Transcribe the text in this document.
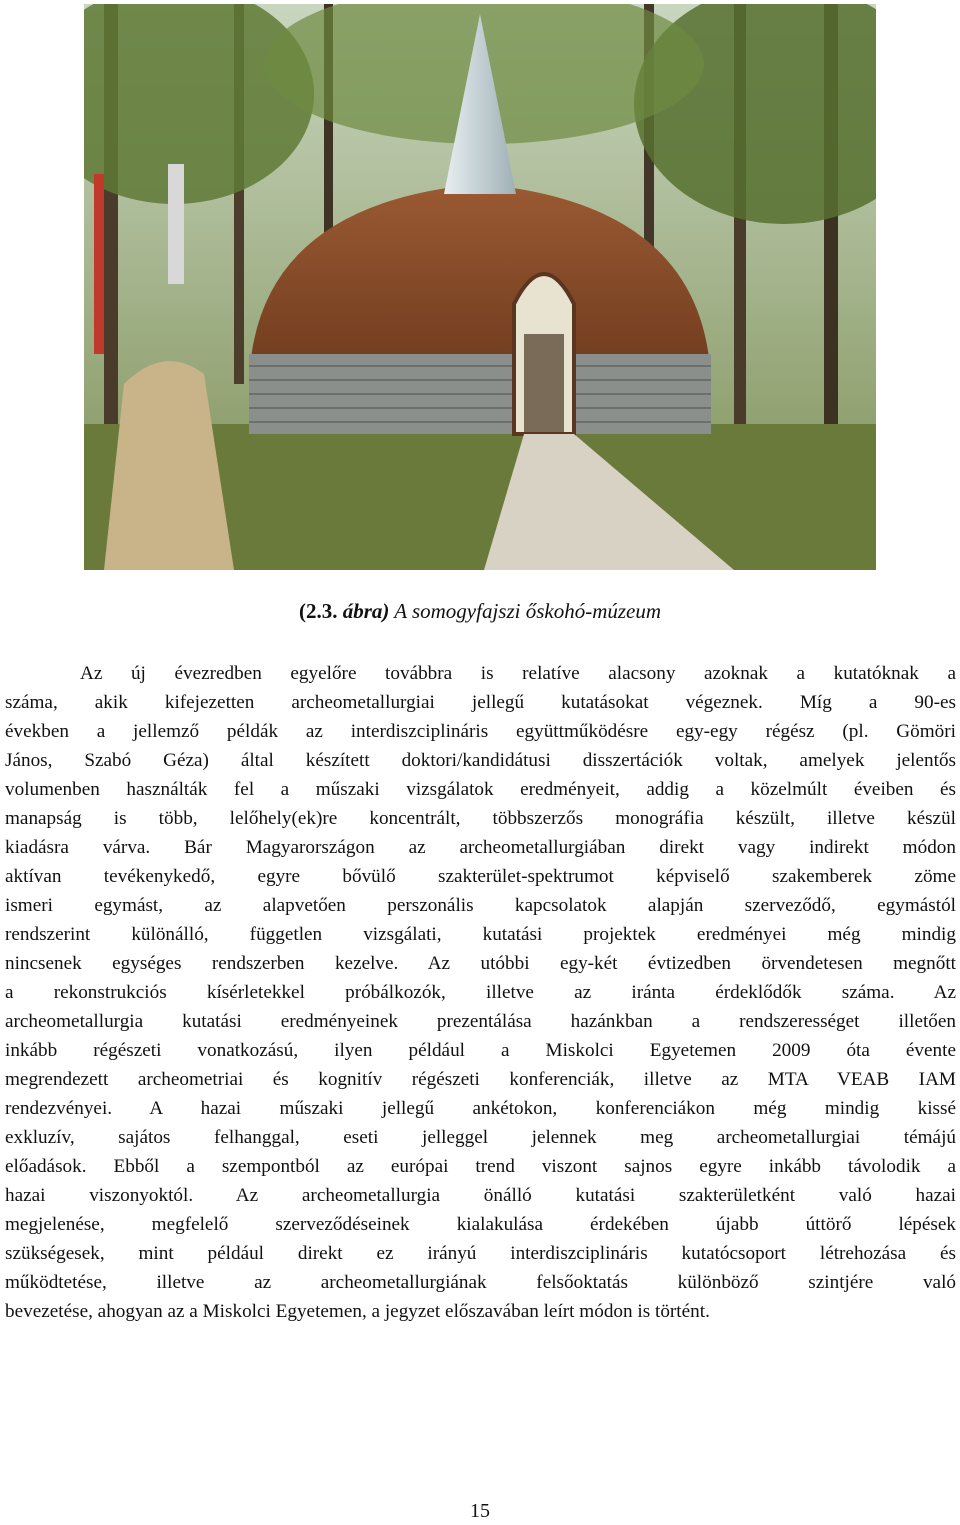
(2.3. ábra) A somogyfajszi őskohó-múzeum

Az új évezredben egyelőre továbbra is relatíve alacsony azoknak a kutatóknak a
száma, akik kifejezetten archeometallurgiai jellegű kutatásokat végeznek. Míg a 90-es
években a jellemző példák az interdiszciplináris együttműködésre egy-egy régész (pl. Gömöri
János, Szabó Géza) által készített doktori/kandidátusi disszertációk voltak, amelyek jelentős
volumenben használták fel a műszaki vizsgálatok eredményeit, addig a közelmúlt éveiben és
manapság is több, lelőhely(ek)re koncentrált, többszerzős monográfia készült, illetve készül
kiadásra várva. Bár Magyarországon az archeometallurgiában direkt vagy indirekt módon
aktívan tevékenykedő, egyre bővülő szakterület-spektrumot képviselő szakemberek zöme
ismeri egymást, az alapvetően perszonális kapcsolatok alapján szerveződő, egymástól
rendszerint különálló, független vizsgálati, kutatási projektek eredményei még mindig
nincsenek egységes rendszerben kezelve. Az utóbbi egy-két évtizedben örvendetesen megnőtt
a rekonstrukciós kísérletekkel próbálkozók, illetve az iránta érdeklődők száma. Az
archeometallurgia kutatási eredményeinek prezentálása hazánkban a rendszerességet illetően
inkább régészeti vonatkozású, ilyen például a Miskolci Egyetemen 2009 óta évente
megrendezett archeometriai és kognitív régészeti konferenciák, illetve az MTA VEAB IAM
rendezvényei. A hazai műszaki jellegű ankétokon, konferenciákon még mindig kissé
exkluzív, sajátos felhanggal, eseti jelleggel jelennek meg archeometallurgiai témájú
előadások. Ebből a szempontból az európai trend viszont sajnos egyre inkább távolodik a
hazai viszonyoktól. Az archeometallurgia önálló kutatási szakterületként való hazai
megjelenése, megfelelő szerveződéseinek kialakulása érdekében újabb úttörő lépések
szükségesek, mint például direkt ez irányú interdiszciplináris kutatócsoport létrehozása és
működtetése, illetve az archeometallurgiának felsőoktatás különböző szintjére való
bevezetése, ahogyan az a Miskolci Egyetemen, a jegyzet előszavában leírt módon is történt.

15
